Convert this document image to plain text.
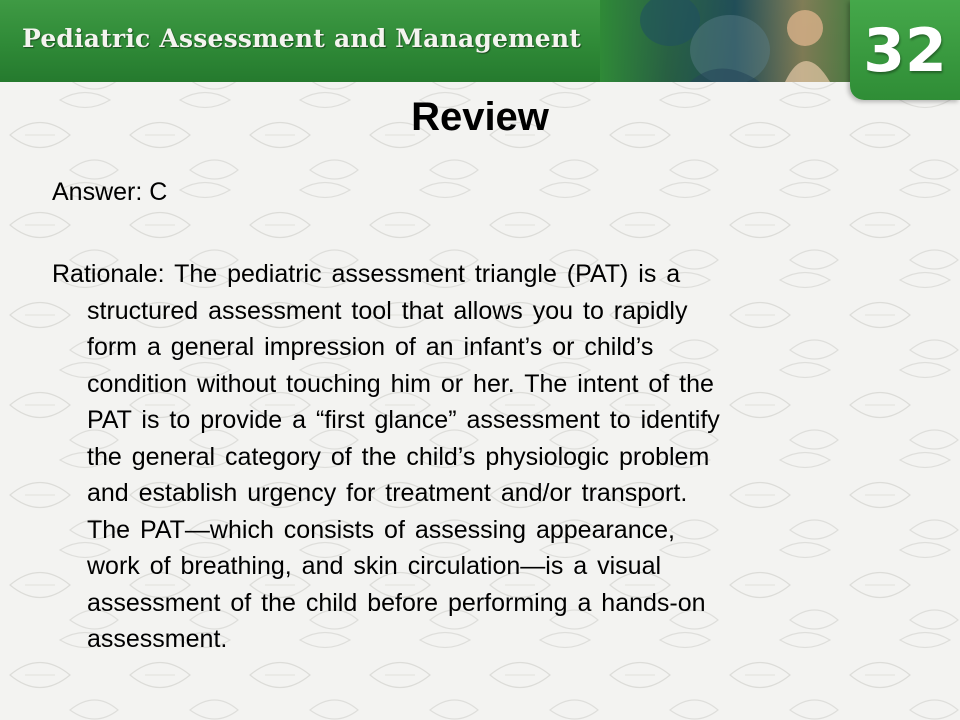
Pediatric Assessment and Management	32
Review
Answer: C
Rationale: The pediatric assessment triangle (PAT) is a
structured assessment tool that allows you to rapidly
form a general impression of an infant’s or child’s
condition without touching him or her. The intent of the
PAT is to provide a “first glance” assessment to identify
the general category of the child’s physiologic problem
and establish urgency for treatment and/or transport.
The PAT—which consists of assessing appearance,
work of breathing, and skin circulation—is a visual
assessment of the child before performing a hands-on
assessment.
